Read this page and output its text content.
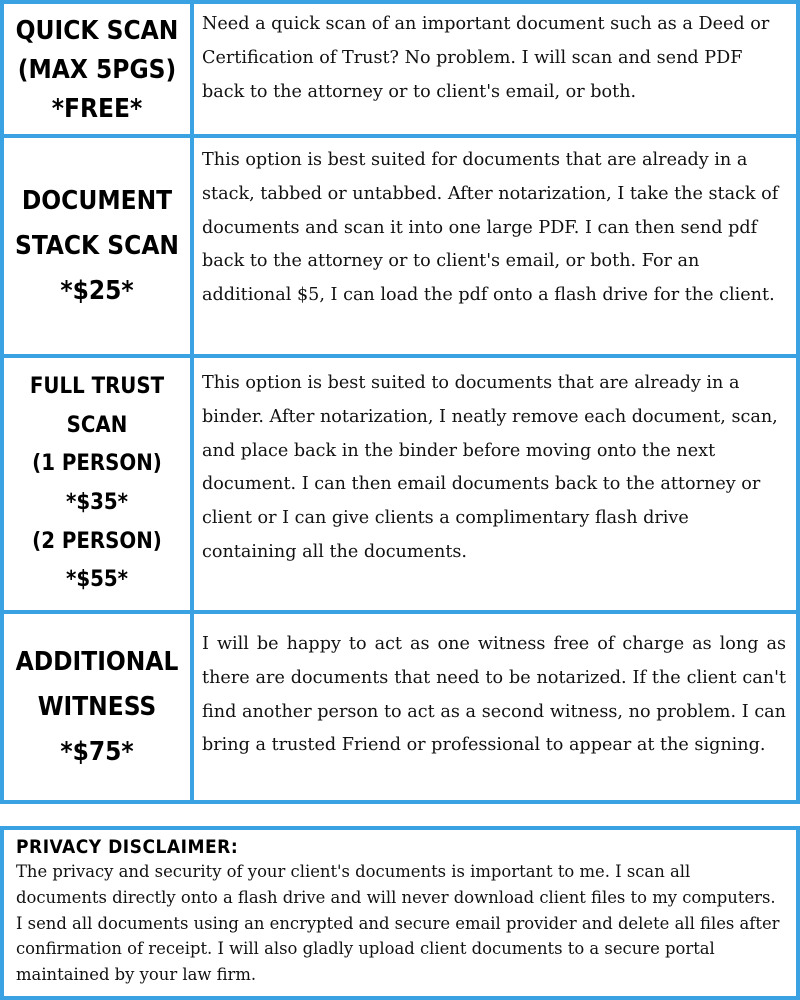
QUICK SCAN
(MAX 5PGS)
*FREE*
Need a quick scan of an important document such as a Deed or Certification of Trust? No problem. I will scan and send PDF back to the attorney or to client's email, or both.
DOCUMENT
STACK SCAN
*$25*
This option is best suited for documents that are already in a stack, tabbed or untabbed. After notarization, I take the stack of documents and scan it into one large PDF. I can then send pdf back to the attorney or to client's email, or both. For an additional $5, I can load the pdf onto a flash drive for the client.
FULL TRUST
SCAN
(1 PERSON)
*$35*
(2 PERSON)
*$55*
This option is best suited to documents that are already in a binder. After notarization, I neatly remove each document, scan, and place back in the binder before moving onto the next document. I can then email documents back to the attorney or client or I can give clients a complimentary flash drive containing all the documents.
ADDITIONAL
WITNESS
*$75*
I will be happy to act as one witness free of charge as long as there are documents that need to be notarized. If the client can't find another person to act as a second witness, no problem. I can bring a trusted Friend or professional to appear at the signing.
PRIVACY DISCLAIMER:
The privacy and security of your client's documents is important to me. I scan all documents directly onto a flash drive and will never download client files to my computers. I send all documents using an encrypted and secure email provider and delete all files after confirmation of receipt. I will also gladly upload client documents to a secure portal maintained by your law firm.
